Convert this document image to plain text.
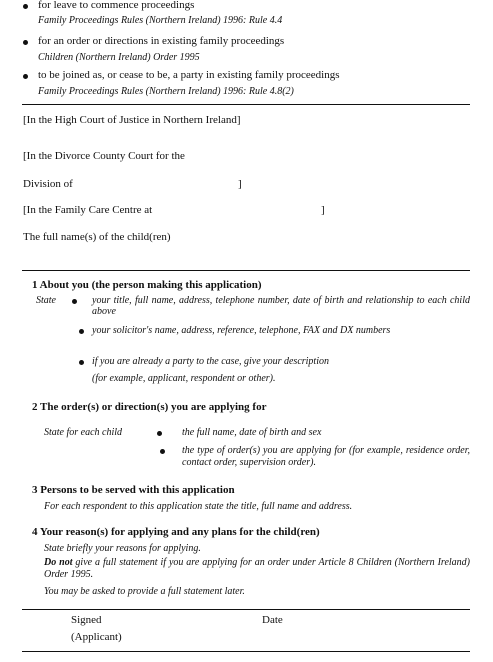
for leave to commence proceedings
Family Proceedings Rules (Northern Ireland) 1996: Rule 4.4
for an order or directions in existing family proceedings
Children (Northern Ireland) Order 1995
to be joined as, or cease to be, a party in existing family proceedings
Family Proceedings Rules (Northern Ireland) 1996: Rule 4.8(2)
[In the High Court of Justice in Northern Ireland]
[In the Divorce County Court for the
Division of	]
[In the Family Care Centre at	]
The full name(s) of the child(ren)
1 About you (the person making this application)
State	your title, full name, address, telephone number, date of birth and relationship to each child above
your solicitor's name, address, reference, telephone, FAX and DX numbers
if you are already a party to the case, give your description
(for example, applicant, respondent or other).
2 The order(s) or direction(s) you are applying for
State for each child	the full name, date of birth and sex
the type of order(s) you are applying for (for example, residence order, contact order, supervision order).
3 Persons to be served with this application
For each respondent to this application state the title, full name and address.
4 Your reason(s) for applying and any plans for the child(ren)
State briefly your reasons for applying.
Do not give a full statement if you are applying for an order under Article 8 Children (Northern Ireland) Order 1995.
You may be asked to provide a full statement later.
Signed
(Applicant)
Date
